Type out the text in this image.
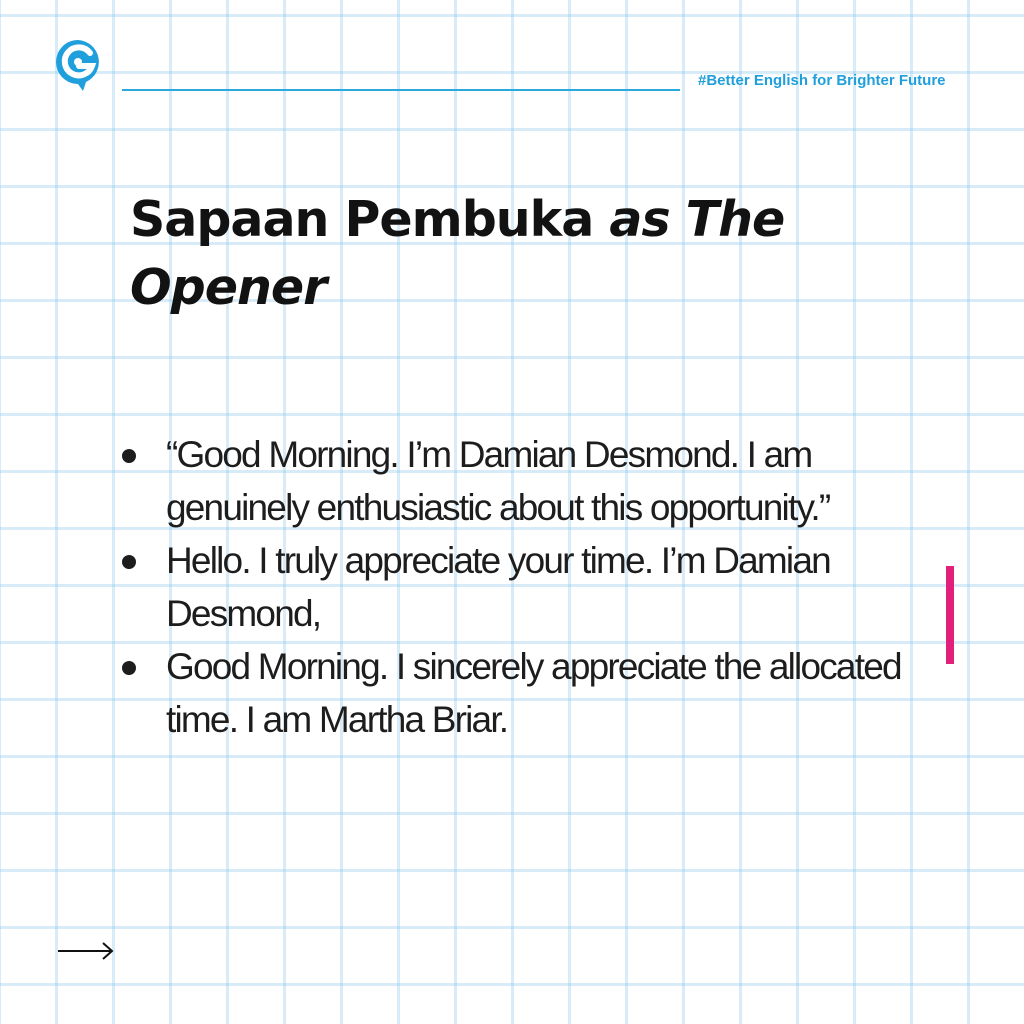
#Better English for Brighter Future
Sapaan Pembuka as The Opener
“Good Morning. I’m Damian Desmond. I am genuinely enthusiastic about this opportunity.”
Hello. I truly appreciate your time. I’m Damian Desmond,
Good Morning. I sincerely appreciate the allocated time. I am Martha Briar.
